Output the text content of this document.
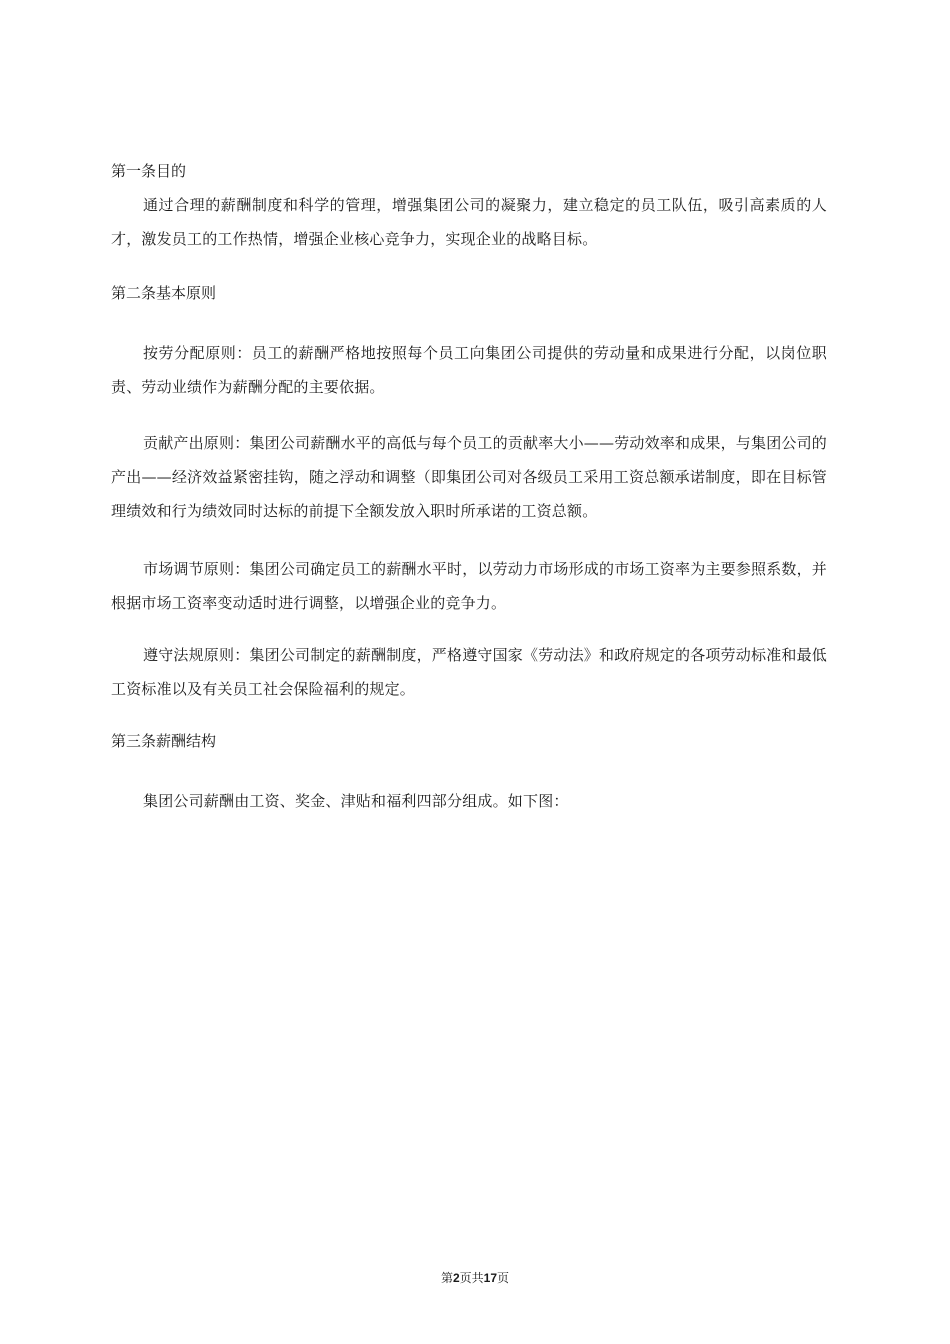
第一条目的

通过合理的薪酬制度和科学的管理，增强集团公司的凝聚力，建立稳定的员工队伍，吸引高素质的人才，激发员工的工作热情，增强企业核心竞争力，实现企业的战略目标。

第二条基本原则

按劳分配原则：员工的薪酬严格地按照每个员工向集团公司提供的劳动量和成果进行分配，以岗位职责、劳动业绩作为薪酬分配的主要依据。

贡献产出原则：集团公司薪酬水平的高低与每个员工的贡献率大小——劳动效率和成果，与集团公司的产出——经济效益紧密挂钩，随之浮动和调整（即集团公司对各级员工采用工资总额承诺制度，即在目标管理绩效和行为绩效同时达标的前提下全额发放入职时所承诺的工资总额。

市场调节原则：集团公司确定员工的薪酬水平时，以劳动力市场形成的市场工资率为主要参照系数，并根据市场工资率变动适时进行调整，以增强企业的竞争力。

遵守法规原则：集团公司制定的薪酬制度，严格遵守国家《劳动法》和政府规定的各项劳动标准和最低工资标准以及有关员工社会保险福利的规定。

第三条薪酬结构

集团公司薪酬由工资、奖金、津贴和福利四部分组成。如下图：

第2页共17页
